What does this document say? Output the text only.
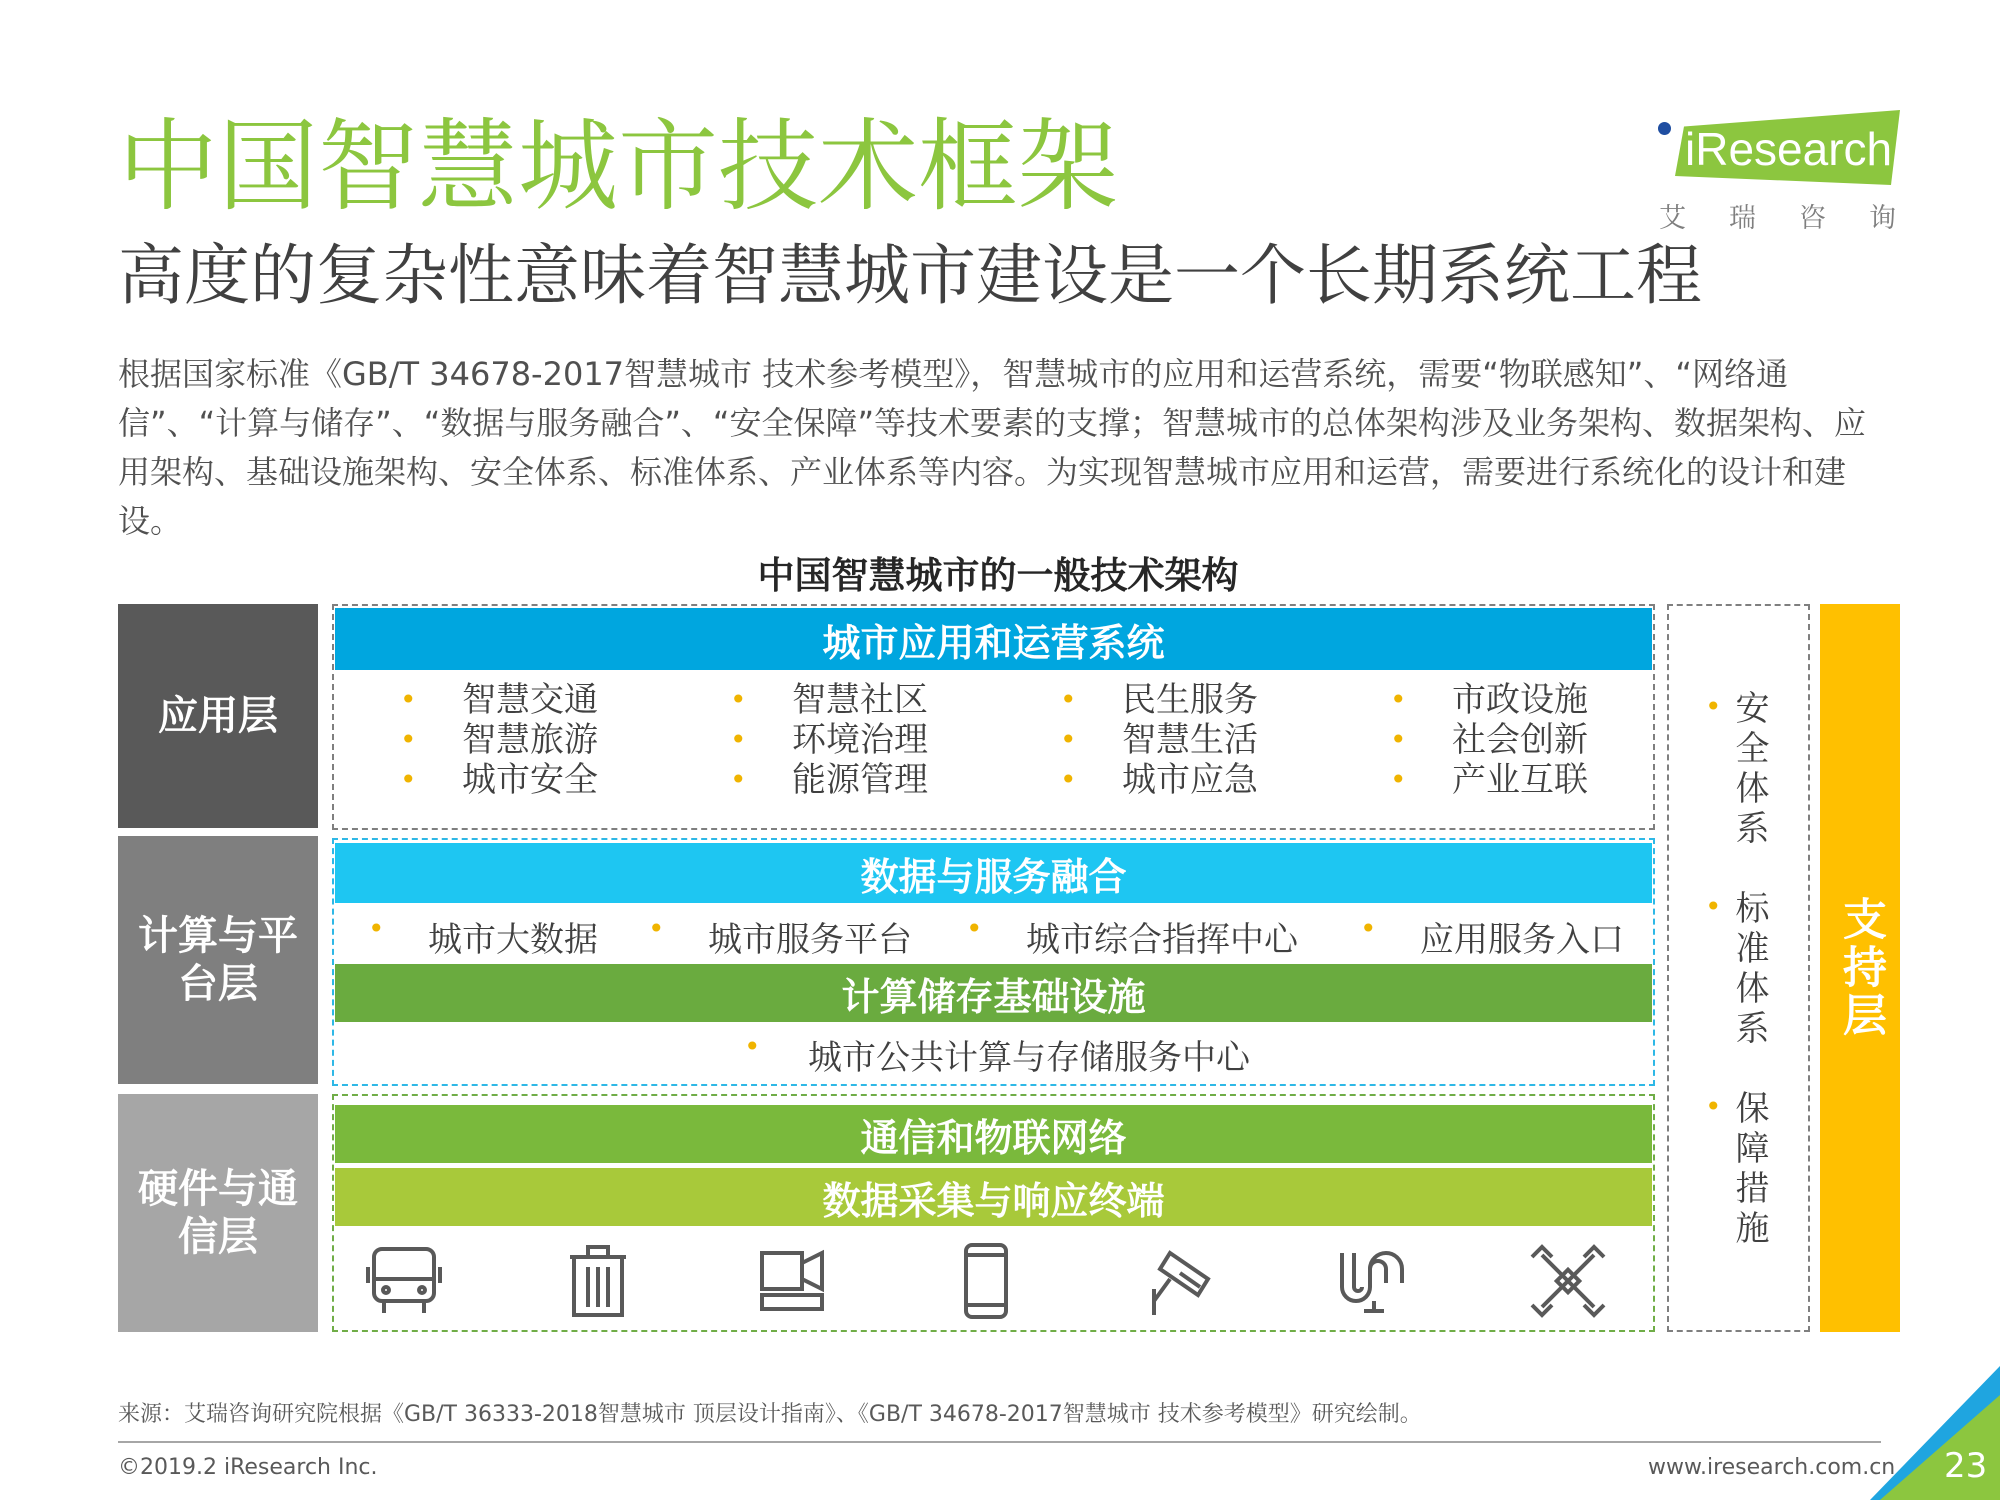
中国智慧城市技术框架
高度的复杂性意味着智慧城市建设是一个长期系统工程
根据国家标准《GB/T 34678-2017智慧城市 技术参考模型》，智慧城市的应用和运营系统，需要“物联感知”、“网络通信”、“计算与储存”、“数据与服务融合”、“安全保障”等技术要素的支撑；智慧城市的总体架构涉及业务架构、数据架构、应用架构、基础设施架构、安全体系、标准体系、产业体系等内容。为实现智慧城市应用和运营，需要进行系统化的设计和建设。
iResearch
艾 瑞 咨 询
中国智慧城市的一般技术架构
应用层
计算与平台层
硬件与通信层
城市应用和运营系统
• 智慧交通
• 智慧旅游
• 城市安全
• 智慧社区
• 环境治理
• 能源管理
• 民生服务
• 智慧生活
• 城市应急
• 市政设施
• 社会创新
• 产业互联
数据与服务融合
• 城市大数据 • 城市服务平台 • 城市综合指挥中心 • 应用服务入口
计算储存基础设施
• 城市公共计算与存储服务中心
通信和物联网络
数据采集与响应终端
• 安全体系
• 标准体系
• 保障措施
支持层
来源：艾瑞咨询研究院根据《GB/T 36333-2018智慧城市 顶层设计指南》、《GB/T 34678-2017智慧城市 技术参考模型》研究绘制。
©2019.2 iResearch Inc.	www.iresearch.com.cn 23
